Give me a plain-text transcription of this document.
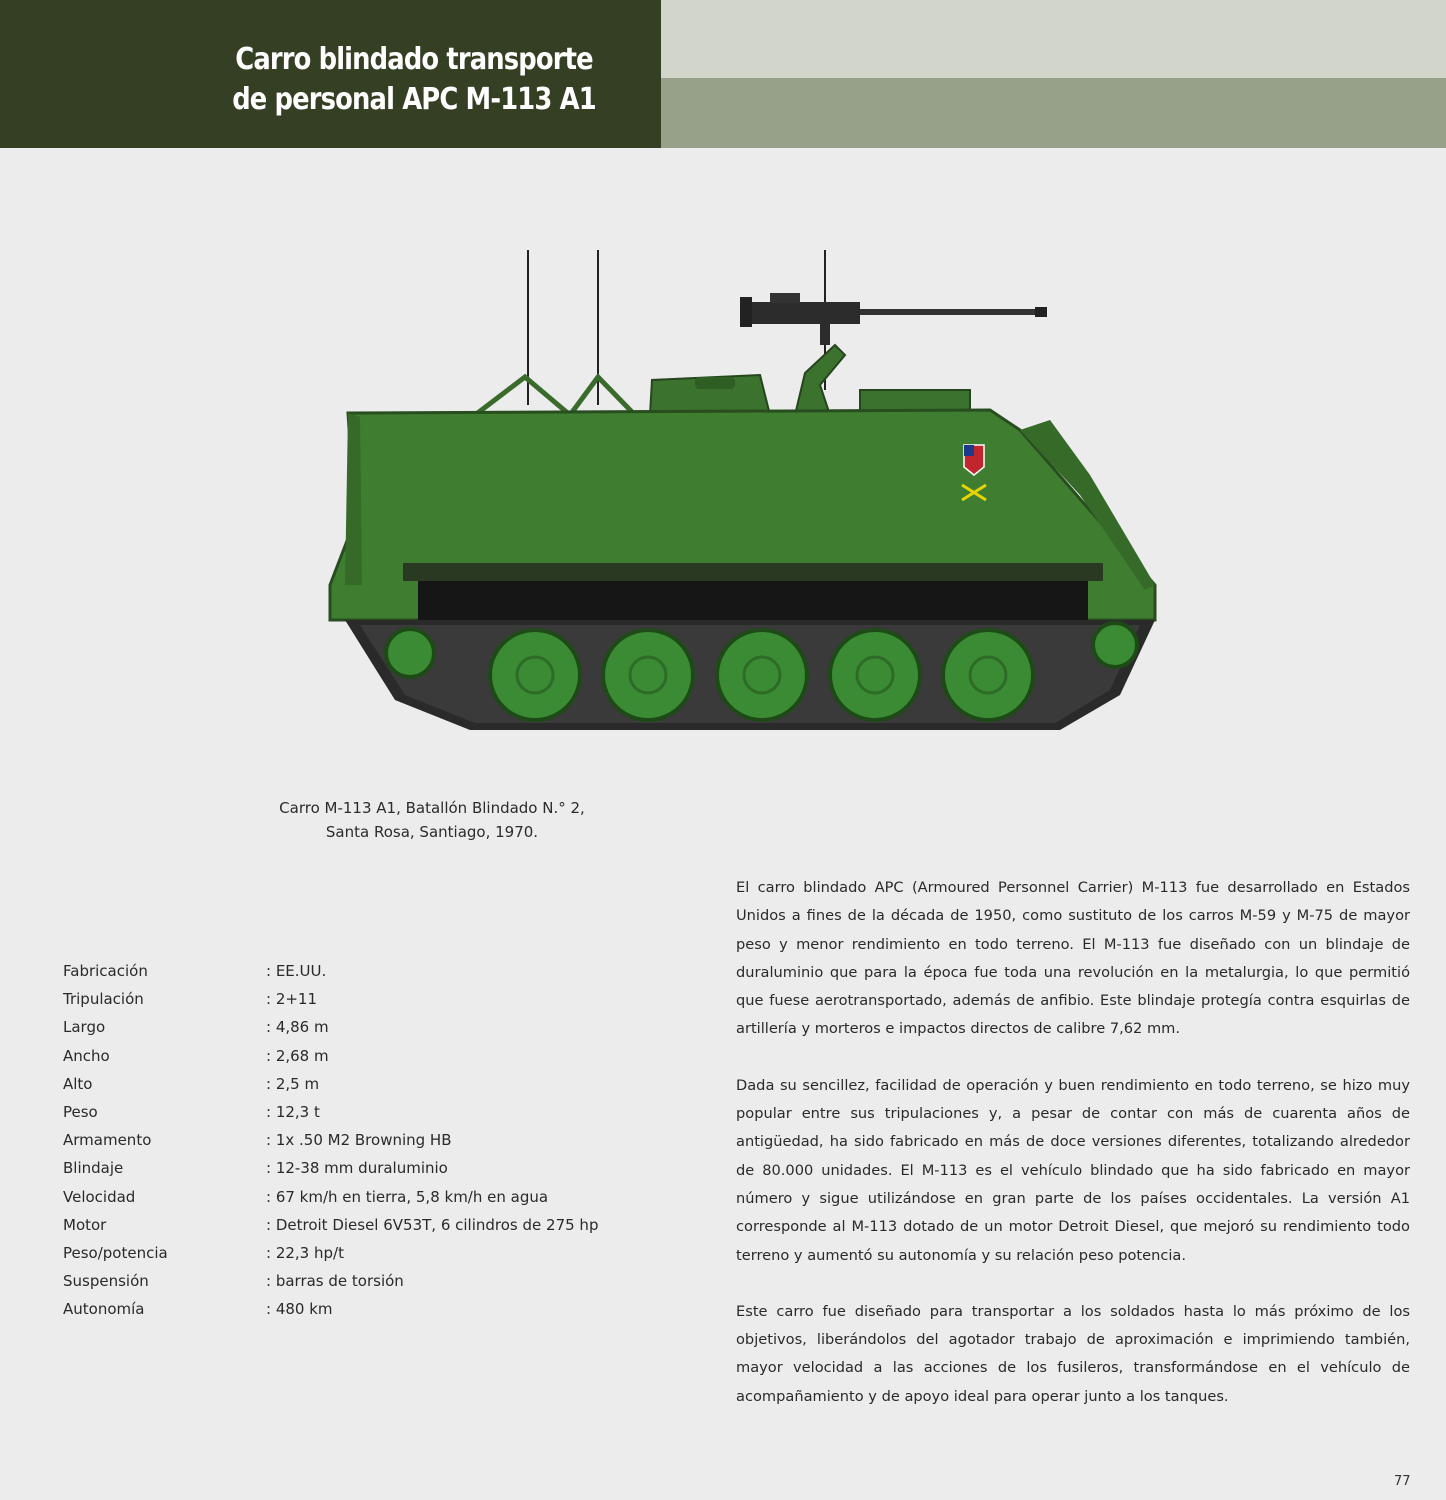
Carro blindado transporte
de personal APC M-113 A1
Carro M-113 A1, Batallón Blindado N.° 2,
Santa Rosa, Santiago, 1970.
Fabricación	: EE.UU.
Tripulación	: 2+11
Largo	: 4,86 m
Ancho	: 2,68 m
Alto	: 2,5 m
Peso	: 12,3 t
Armamento	: 1x .50 M2 Browning HB
Blindaje	: 12-38 mm duraluminio
Velocidad	: 67 km/h en tierra, 5,8 km/h en agua
Motor	: Detroit Diesel 6V53T, 6 cilindros de 275 hp
Peso/potencia	: 22,3 hp/t
Suspensión	: barras de torsión
Autonomía	: 480 km

El carro blindado APC (Armoured Personnel Carrier) M-113 fue desarrollado en Estados Unidos a fines de la década de 1950, como sustituto de los carros M-59 y M-75 de mayor peso y menor rendimiento en todo terreno. El M-113 fue diseñado con un blindaje de duraluminio que para la época fue toda una revolución en la metalurgia, lo que permitió que fuese aerotransportado, además de anfibio. Este blindaje protegía contra esquirlas de artillería y morteros e impactos directos de calibre 7,62 mm.

Dada su sencillez, facilidad de operación y buen rendimiento en todo terreno, se hizo muy popular entre sus tripulaciones y, a pesar de contar con más de cuarenta años de antigüedad, ha sido fabricado en más de doce versiones diferentes, totalizando alrededor de 80.000 unidades. El M-113 es el vehículo blindado que ha sido fabricado en mayor número y sigue utilizándose en gran parte de los países occidentales. La versión A1 corresponde al M-113 dotado de un motor Detroit Diesel, que mejoró su rendimiento todo terreno y aumentó su autonomía y su relación peso potencia.

Este carro fue diseñado para transportar a los soldados hasta lo más próximo de los objetivos, liberándolos del agotador trabajo de aproximación e imprimiendo también, mayor velocidad a las acciones de los fusileros, transformándose en el vehículo de acompañamiento y de apoyo ideal para operar junto a los tanques.

77
